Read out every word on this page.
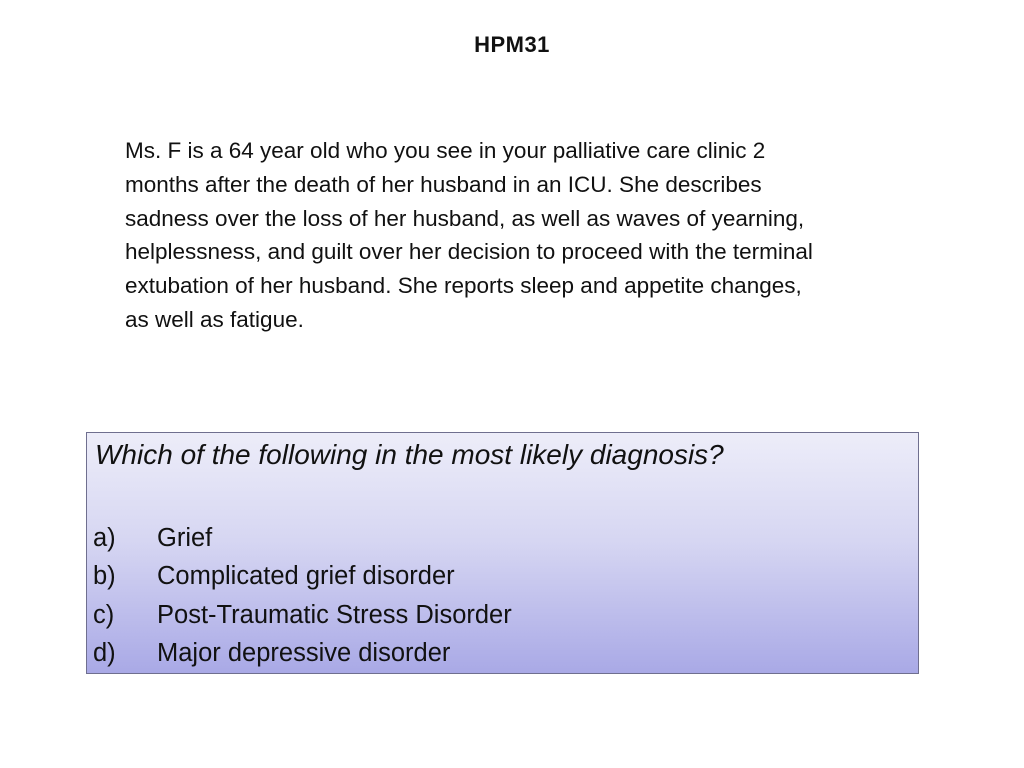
HPM31

Ms. F is a 64 year old who you see in your palliative care clinic 2
months after the death of her husband in an ICU. She describes
sadness over the loss of her husband, as well as waves of yearning,
helplessness, and guilt over her decision to proceed with the terminal
extubation of her husband. She reports sleep and appetite changes,
as well as fatigue.

Which of the following in the most likely diagnosis?

a)	Grief
b)	Complicated grief disorder
c)	Post-Traumatic Stress Disorder
d)	Major depressive disorder
